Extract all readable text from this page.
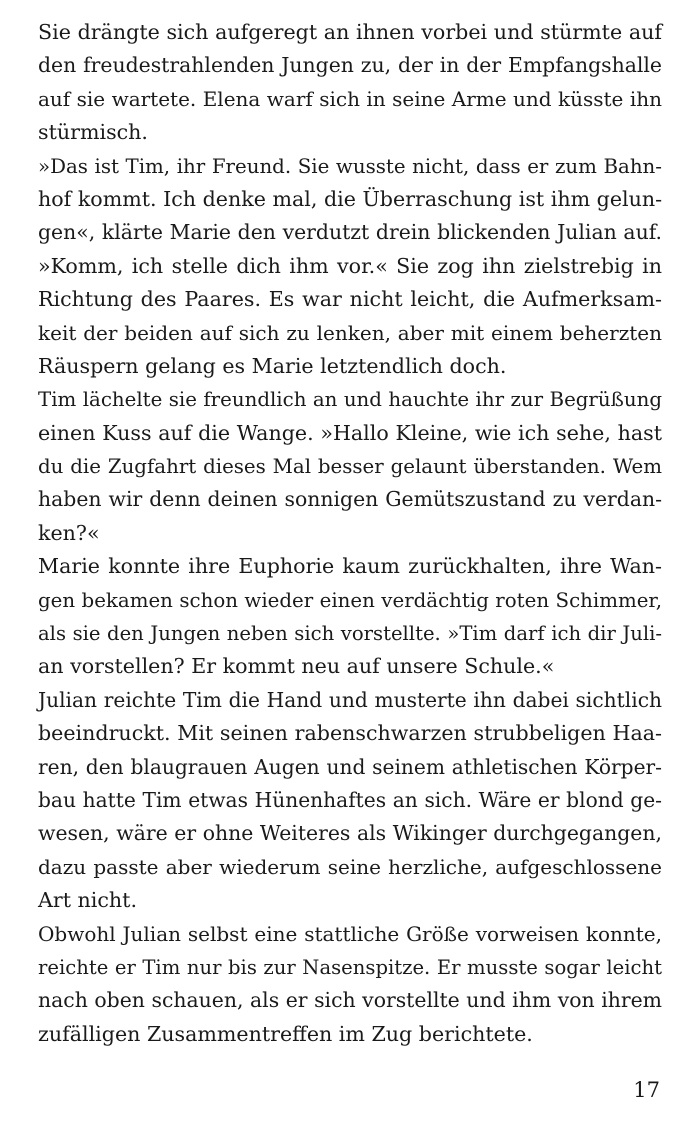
Sie drängte sich aufgeregt an ihnen vorbei und stürmte auf
den freudestrahlenden Jungen zu, der in der Empfangshalle
auf sie wartete. Elena warf sich in seine Arme und küsste ihn
stürmisch.
»Das ist Tim, ihr Freund. Sie wusste nicht, dass er zum Bahn-
hof kommt. Ich denke mal, die Überraschung ist ihm gelun-
gen«, klärte Marie den verdutzt drein blickenden Julian auf.
»Komm, ich stelle dich ihm vor.« Sie zog ihn zielstrebig in
Richtung des Paares. Es war nicht leicht, die Aufmerksam-
keit der beiden auf sich zu lenken, aber mit einem beherzten
Räuspern gelang es Marie letztendlich doch.
Tim lächelte sie freundlich an und hauchte ihr zur Begrüßung
einen Kuss auf die Wange. »Hallo Kleine, wie ich sehe, hast
du die Zugfahrt dieses Mal besser gelaunt überstanden. Wem
haben wir denn deinen sonnigen Gemütszustand zu verdan-
ken?«
Marie konnte ihre Euphorie kaum zurückhalten, ihre Wan-
gen bekamen schon wieder einen verdächtig roten Schimmer,
als sie den Jungen neben sich vorstellte. »Tim darf ich dir Juli-
an vorstellen? Er kommt neu auf unsere Schule.«
Julian reichte Tim die Hand und musterte ihn dabei sichtlich
beeindruckt. Mit seinen rabenschwarzen strubbeligen Haa-
ren, den blaugrauen Augen und seinem athletischen Körper-
bau hatte Tim etwas Hünenhaftes an sich. Wäre er blond ge-
wesen, wäre er ohne Weiteres als Wikinger durchgegangen,
dazu passte aber wiederum seine herzliche, aufgeschlossene
Art nicht.
Obwohl Julian selbst eine stattliche Größe vorweisen konnte,
reichte er Tim nur bis zur Nasenspitze. Er musste sogar leicht
nach oben schauen, als er sich vorstellte und ihm von ihrem
zufälligen Zusammentreffen im Zug berichtete.
17
